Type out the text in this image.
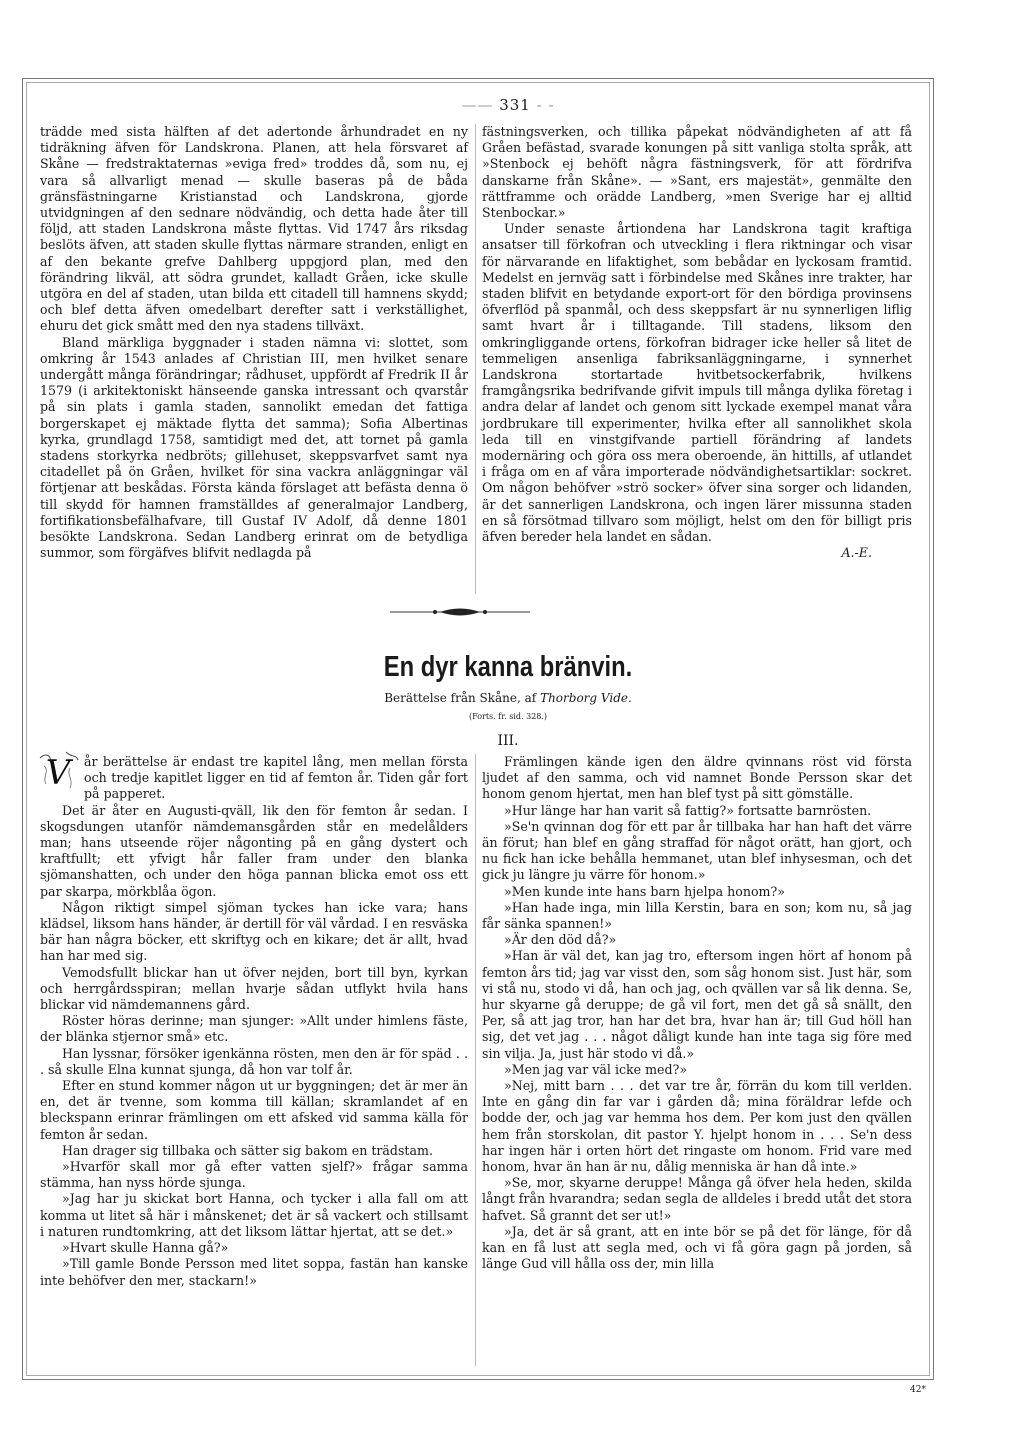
—— 331 - -

trädde med sista hälften af det adertonde århundradet en ny tidräkning äfven för Landskrona. Planen, att hela försvaret af Skåne — fredstraktaternas »eviga fred» troddes då, som nu, ej vara så allvarligt menad — skulle baseras på de båda gränsfästningarne Kristianstad och Landskrona, gjorde utvidgningen af den sednare nödvändig, och detta hade åter till följd, att staden Landskrona måste flyttas. Vid 1747 års riksdag beslöts äfven, att staden skulle flyttas närmare stranden, enligt en af den bekante grefve Dahlberg uppgjord plan, med den förändring likväl, att södra grundet, kalladt Gråen, icke skulle utgöra en del af staden, utan bilda ett citadell till hamnens skydd; och blef detta äfven omedelbart derefter satt i verkställighet, ehuru det gick smått med den nya stadens tillväxt.

Bland märkliga byggnader i staden nämna vi: slottet, som omkring år 1543 anlades af Christian III, men hvilket senare undergått många förändringar; rådhuset, uppfördt af Fredrik II år 1579 (i arkitektoniskt hänseende ganska intressant och qvarstår på sin plats i gamla staden, sannolikt emedan det fattiga borgerskapet ej mäktade flytta det samma); Sofia Albertinas kyrka, grundlagd 1758, samtidigt med det, att tornet på gamla stadens storkyrka nedbröts; gillehuset, skeppsvarfvet samt nya citadellet på ön Gråen, hvilket för sina vackra anläggningar väl förtjenar att beskådas. Första kända förslaget att befästa denna ö till skydd för hamnen framställdes af generalmajor Landberg, fortifikationsbefälhafvare, till Gustaf IV Adolf, då denne 1801 besökte Landskrona. Sedan Landberg erinrat om de betydliga summor, som förgäfves blifvit nedlagda på

fästningsverken, och tillika påpekat nödvändigheten af att få Gråen befästad, svarade konungen på sitt vanliga stolta språk, att »Stenbock ej behöft några fästningsverk, för att fördrifva danskarne från Skåne». — »Sant, ers majestät», genmälte den rättframme och orädde Landberg, »men Sverige har ej alltid Stenbockar.»

Under senaste årtiondena har Landskrona tagit kraftiga ansatser till förkofran och utveckling i flera riktningar och visar för närvarande en lifaktighet, som bebådar en lyckosam framtid. Medelst en jernväg satt i förbindelse med Skånes inre trakter, har staden blifvit en betydande export-ort för den bördiga provinsens öfverflöd på spanmål, och dess skeppsfart är nu synnerligen liflig samt hvart år i tilltagande. Till stadens, liksom den omkringliggande ortens, förkofran bidrager icke heller så litet de temmeligen ansenliga fabriksanläggningarne, i synnerhet Landskrona stortartade hvitbetsockerfabrik, hvilkens framgångsrika bedrifvande gifvit impuls till många dylika företag i andra delar af landet och genom sitt lyckade exempel manat våra jordbrukare till experimenter, hvilka efter all sannolikhet skola leda till en vinstgifvande partiell förändring af landets modernäring och göra oss mera oberoende, än hittills, af utlandet i fråga om en af våra importerade nödvändighetsartiklar: sockret. Om någon behöfver »strö socker» öfver sina sorger och lidanden, är det sannerligen Landskrona, och ingen lärer missunna staden en så försötmad tillvaro som möjligt, helst om den för billigt pris äfven bereder hela landet en sådan.

A.-E.

En dyr kanna bränvin.
Berättelse från Skåne, af Thorborg Vide.
(Forts. fr. sid. 328.)
III.
V	år berättelse är endast tre kapitel lång, men mellan första och tredje kapitlet ligger en tid af femton år. Tiden går fort på papperet.

Det är åter en Augusti-qväll, lik den för femton år sedan. I skogsdungen utanför nämdemansgården står en medelålders man; hans utseende röjer någonting på en gång dystert och kraftfullt; ett yfvigt hår faller fram under den blanka sjömanshatten, och under den höga pannan blicka emot oss ett par skarpa, mörkblåa ögon.

Någon riktigt simpel sjöman tyckes han icke vara; hans klädsel, liksom hans händer, är dertill för väl vårdad. I en resväska bär han några böcker, ett skriftyg och en kikare; det är allt, hvad han har med sig.

Vemodsfullt blickar han ut öfver nejden, bort till byn, kyrkan och herrgårdsspiran; mellan hvarje sådan utflykt hvila hans blickar vid nämdemannens gård.

Röster höras derinne; man sjunger: »Allt under himlens fäste, der blänka stjernor små» etc.

Han lyssnar, försöker igenkänna rösten, men den är för späd . . . så skulle Elna kunnat sjunga, då hon var tolf år.

Efter en stund kommer någon ut ur byggningen; det är mer än en, det är tvenne, som komma till källan; skramlandet af en bleckspann erinrar främlingen om ett afsked vid samma källa för femton år sedan.

Han drager sig tillbaka och sätter sig bakom en trädstam.

»Hvarför skall mor gå efter vatten sjelf?» frågar samma stämma, han nyss hörde sjunga.

»Jag har ju skickat bort Hanna, och tycker i alla fall om att komma ut litet så här i månskenet; det är så vackert och stillsamt i naturen rundtomkring, att det liksom lättar hjertat, att se det.»

»Hvart skulle Hanna gå?»

»Till gamle Bonde Persson med litet soppa, fastän han kanske inte behöfver den mer, stackarn!»

Främlingen kände igen den äldre qvinnans röst vid första ljudet af den samma, och vid namnet Bonde Persson skar det honom genom hjertat, men han blef tyst på sitt gömställe.

»Hur länge har han varit så fattig?» fortsatte barnrösten.

»Se'n qvinnan dog för ett par år tillbaka har han haft det värre än förut; han blef en gång straffad för något orätt, han gjort, och nu fick han icke behålla hemmanet, utan blef inhysesman, och det gick ju längre ju värre för honom.»

»Men kunde inte hans barn hjelpa honom?»

»Han hade inga, min lilla Kerstin, bara en son; kom nu, så jag får sänka spannen!»

»Är den död då?»

»Han är väl det, kan jag tro, eftersom ingen hört af honom på femton års tid; jag var visst den, som såg honom sist. Just här, som vi stå nu, stodo vi då, han och jag, och qvällen var så lik denna. Se, hur skyarne gå deruppe; de gå vil fort, men det gå så snällt, den Per, så att jag tror, han har det bra, hvar han är; till Gud höll han sig, det vet jag . . . något dåligt kunde han inte taga sig före med sin vilja. Ja, just här stodo vi då.»

»Men jag var väl icke med?»

»Nej, mitt barn . . . det var tre år, förrän du kom till verlden. Inte en gång din far var i gården då; mina föräldrar lefde och bodde der, och jag var hemma hos dem. Per kom just den qvällen hem från storskolan, dit pastor Y. hjelpt honom in . . . Se'n dess har ingen här i orten hört det ringaste om honom. Frid vare med honom, hvar än han är nu, dålig menniska är han då inte.»

»Se, mor, skyarne deruppe! Många gå öfver hela heden, skilda långt från hvarandra; sedan segla de alldeles i bredd utåt det stora hafvet. Så grannt det ser ut!»

»Ja, det är så grant, att en inte bör se på det för länge, för då kan en få lust att segla med, och vi få göra gagn på jorden, så länge Gud vill hålla oss der, min lilla

42*
